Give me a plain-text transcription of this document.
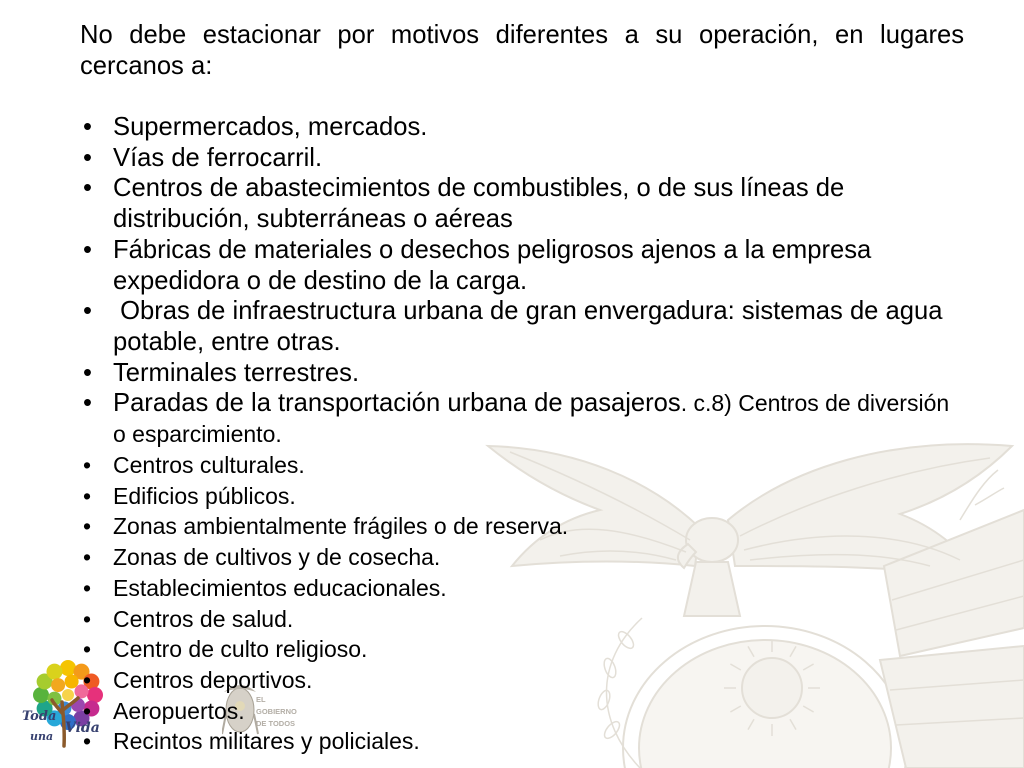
Toda
una
Vida
EL
GOBIERNO
DE TODOS

No debe estacionar por motivos diferentes a su operación, en lugares cercanos a:

• Supermercados, mercados.
• Vías de ferrocarril.
• Centros de abastecimientos de combustibles, o de sus líneas de distribución, subterráneas o aéreas
• Fábricas de materiales o desechos peligrosos ajenos a la empresa expedidora o de destino de la carga.
• Obras de infraestructura urbana de gran envergadura: sistemas de agua potable, entre otras.
• Terminales terrestres.
• Paradas de la transportación urbana de pasajeros. c.8) Centros de diversión o esparcimiento.
• Centros culturales.
• Edificios públicos.
• Zonas ambientalmente frágiles o de reserva.
• Zonas de cultivos y de cosecha.
• Establecimientos educacionales.
• Centros de salud.
• Centro de culto religioso.
• Centros deportivos.
• Aeropuertos.
• Recintos militares y policiales.
